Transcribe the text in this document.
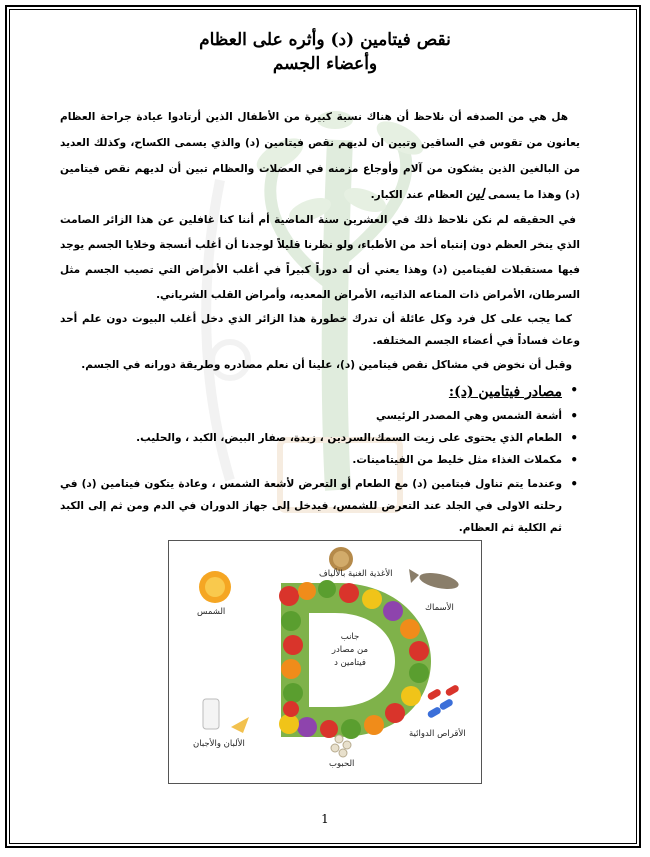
نقص فيتامين (د) وأثره على العظام
وأعضاء الجسم

هل هي من الصدفه أن نلاحظ أن هناك نسبة كبيرة من الأطفال الذين أرتادوا عيادة جراحة العظام يعانون من تقوس في الساقين وتبين ان لديهم نقص فيتامين (د) والذي يسمى الكساح، وكذلك العديد من البالغين الذين يشكون من آلام وأوجاع مزمنه في العضلات والعظام تبين أن لديهم نقص فيتامين (د) وهذا ما يسمى لين العظام عند الكبار.

في الحقيقه لم نكن نلاحظ ذلك في العشرين سنة الماضية أم أننا كنا غافلين عن هذا الزائر الصامت الذي ينخر العظم دون إنتباه أحد من الأطباء، ولو نظرنا قليلاً لوجدنا أن أغلب أنسجة وخلايا الجسم يوجد فيها مستقبلات لفيتامين (د) وهذا يعني أن له دوراً كبيراً في أغلب الأمراض التي تصيب الجسم مثل السرطان، الأمراض ذات المناعه الذاتيه، الأمراض المعديه، وأمراض القلب الشرياني.

كما يجب على كل فرد وكل عائلة أن تدرك خطورة هذا الزائر الذي دخل أغلب البيوت دون علم أحد وعاث فساداً في أعضاء الجسم المختلفه.

وقبل أن نخوض في مشاكل نقص فيتامين (د)، علينا أن نعلم مصادره وطريقة دورانه في الجسم.

• مصادر فيتامين (د):
• أشعة الشمس وهي المصدر الرئيسي
• الطعام الذي يحتوى على زيت السمك،السردين ، زبدة، صفار البيض، الكبد ، والحليب.
• مكملات الغذاء مثل خليط من الفيتامينات.
• وعندما يتم تناول فيتامين (د) مع الطعام أو التعرض لأشعة الشمس ، وعادة يتكون فيتامين (د) في رحلته الاولى في الجلد عند التعرض للشمس، فيدخل إلى جهاز الدوران في الدم ومن ثم إلى الكبد ثم الكلية ثم العظام.
الأغذية الغنية بالألياف
الشمس	الأسماك
جانب
من مصادر
فيتامين د
الألبان والأجبان
الحبوب
الأقراص الدوائية
1
